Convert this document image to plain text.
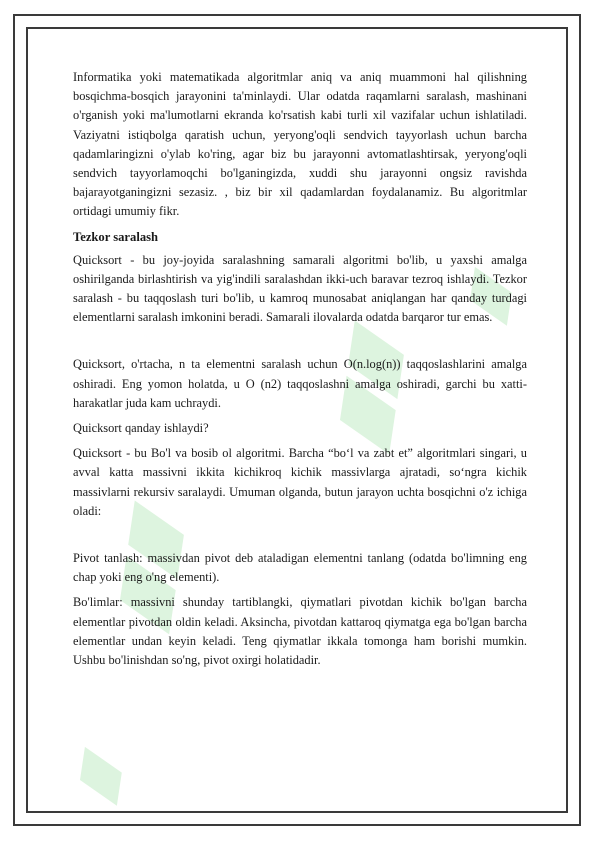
Informatika yoki matematikada algoritmlar aniq va aniq muammoni hal qilishning bosqichma-bosqich jarayonini ta'minlaydi. Ular odatda raqamlarni saralash, mashinani o'rganish yoki ma'lumotlarni ekranda ko'rsatish kabi turli xil vazifalar uchun ishlatiladi. Vaziyatni istiqbolga qaratish uchun, yeryong'oqli sendvich tayyorlash uchun barcha qadamlaringizni o'ylab ko'ring, agar biz bu jarayonni avtomatlashtirsak, yeryong'oqli sendvich tayyorlamoqchi bo'lganingizda, xuddi shu jarayonni ongsiz ravishda bajarayotganingizni sezasiz. , biz bir xil qadamlardan foydalanamiz. Bu algoritmlar ortidagi umumiy fikr.

Tezkor saralash

Quicksort - bu joy-joyida saralashning samarali algoritmi bo'lib, u yaxshi amalga oshirilganda birlashtirish va yig'indili saralashdan ikki-uch baravar tezroq ishlaydi. Tezkor saralash - bu taqqoslash turi bo'lib, u kamroq munosabat aniqlangan har qanday turdagi elementlarni saralash imkonini beradi. Samarali ilovalarda odatda barqaror tur emas.

Quicksort, o'rtacha, n ta elementni saralash uchun O(n.log(n)) taqqoslashlarini amalga oshiradi. Eng yomon holatda, u O (n2) taqqoslashni amalga oshiradi, garchi bu xatti-harakatlar juda kam uchraydi.

Quicksort qanday ishlaydi?

Quicksort - bu Bo'l va bosib ol algoritmi. Barcha “bo‘l va zabt et” algoritmlari singari, u avval katta massivni ikkita kichikroq kichik massivlarga ajratadi, so‘ngra kichik massivlarni rekursiv saralaydi. Umuman olganda, butun jarayon uchta bosqichni o'z ichiga oladi:

Pivot tanlash: massivdan pivot deb ataladigan elementni tanlang (odatda bo'limning eng chap yoki eng o'ng elementi).

Bo'limlar: massivni shunday tartiblangki, qiymatlari pivotdan kichik bo'lgan barcha elementlar pivotdan oldin keladi. Aksincha, pivotdan kattaroq qiymatga ega bo'lgan barcha elementlar undan keyin keladi. Teng qiymatlar ikkala tomonga ham borishi mumkin. Ushbu bo'linishdan so'ng, pivot oxirgi holatidadir.
